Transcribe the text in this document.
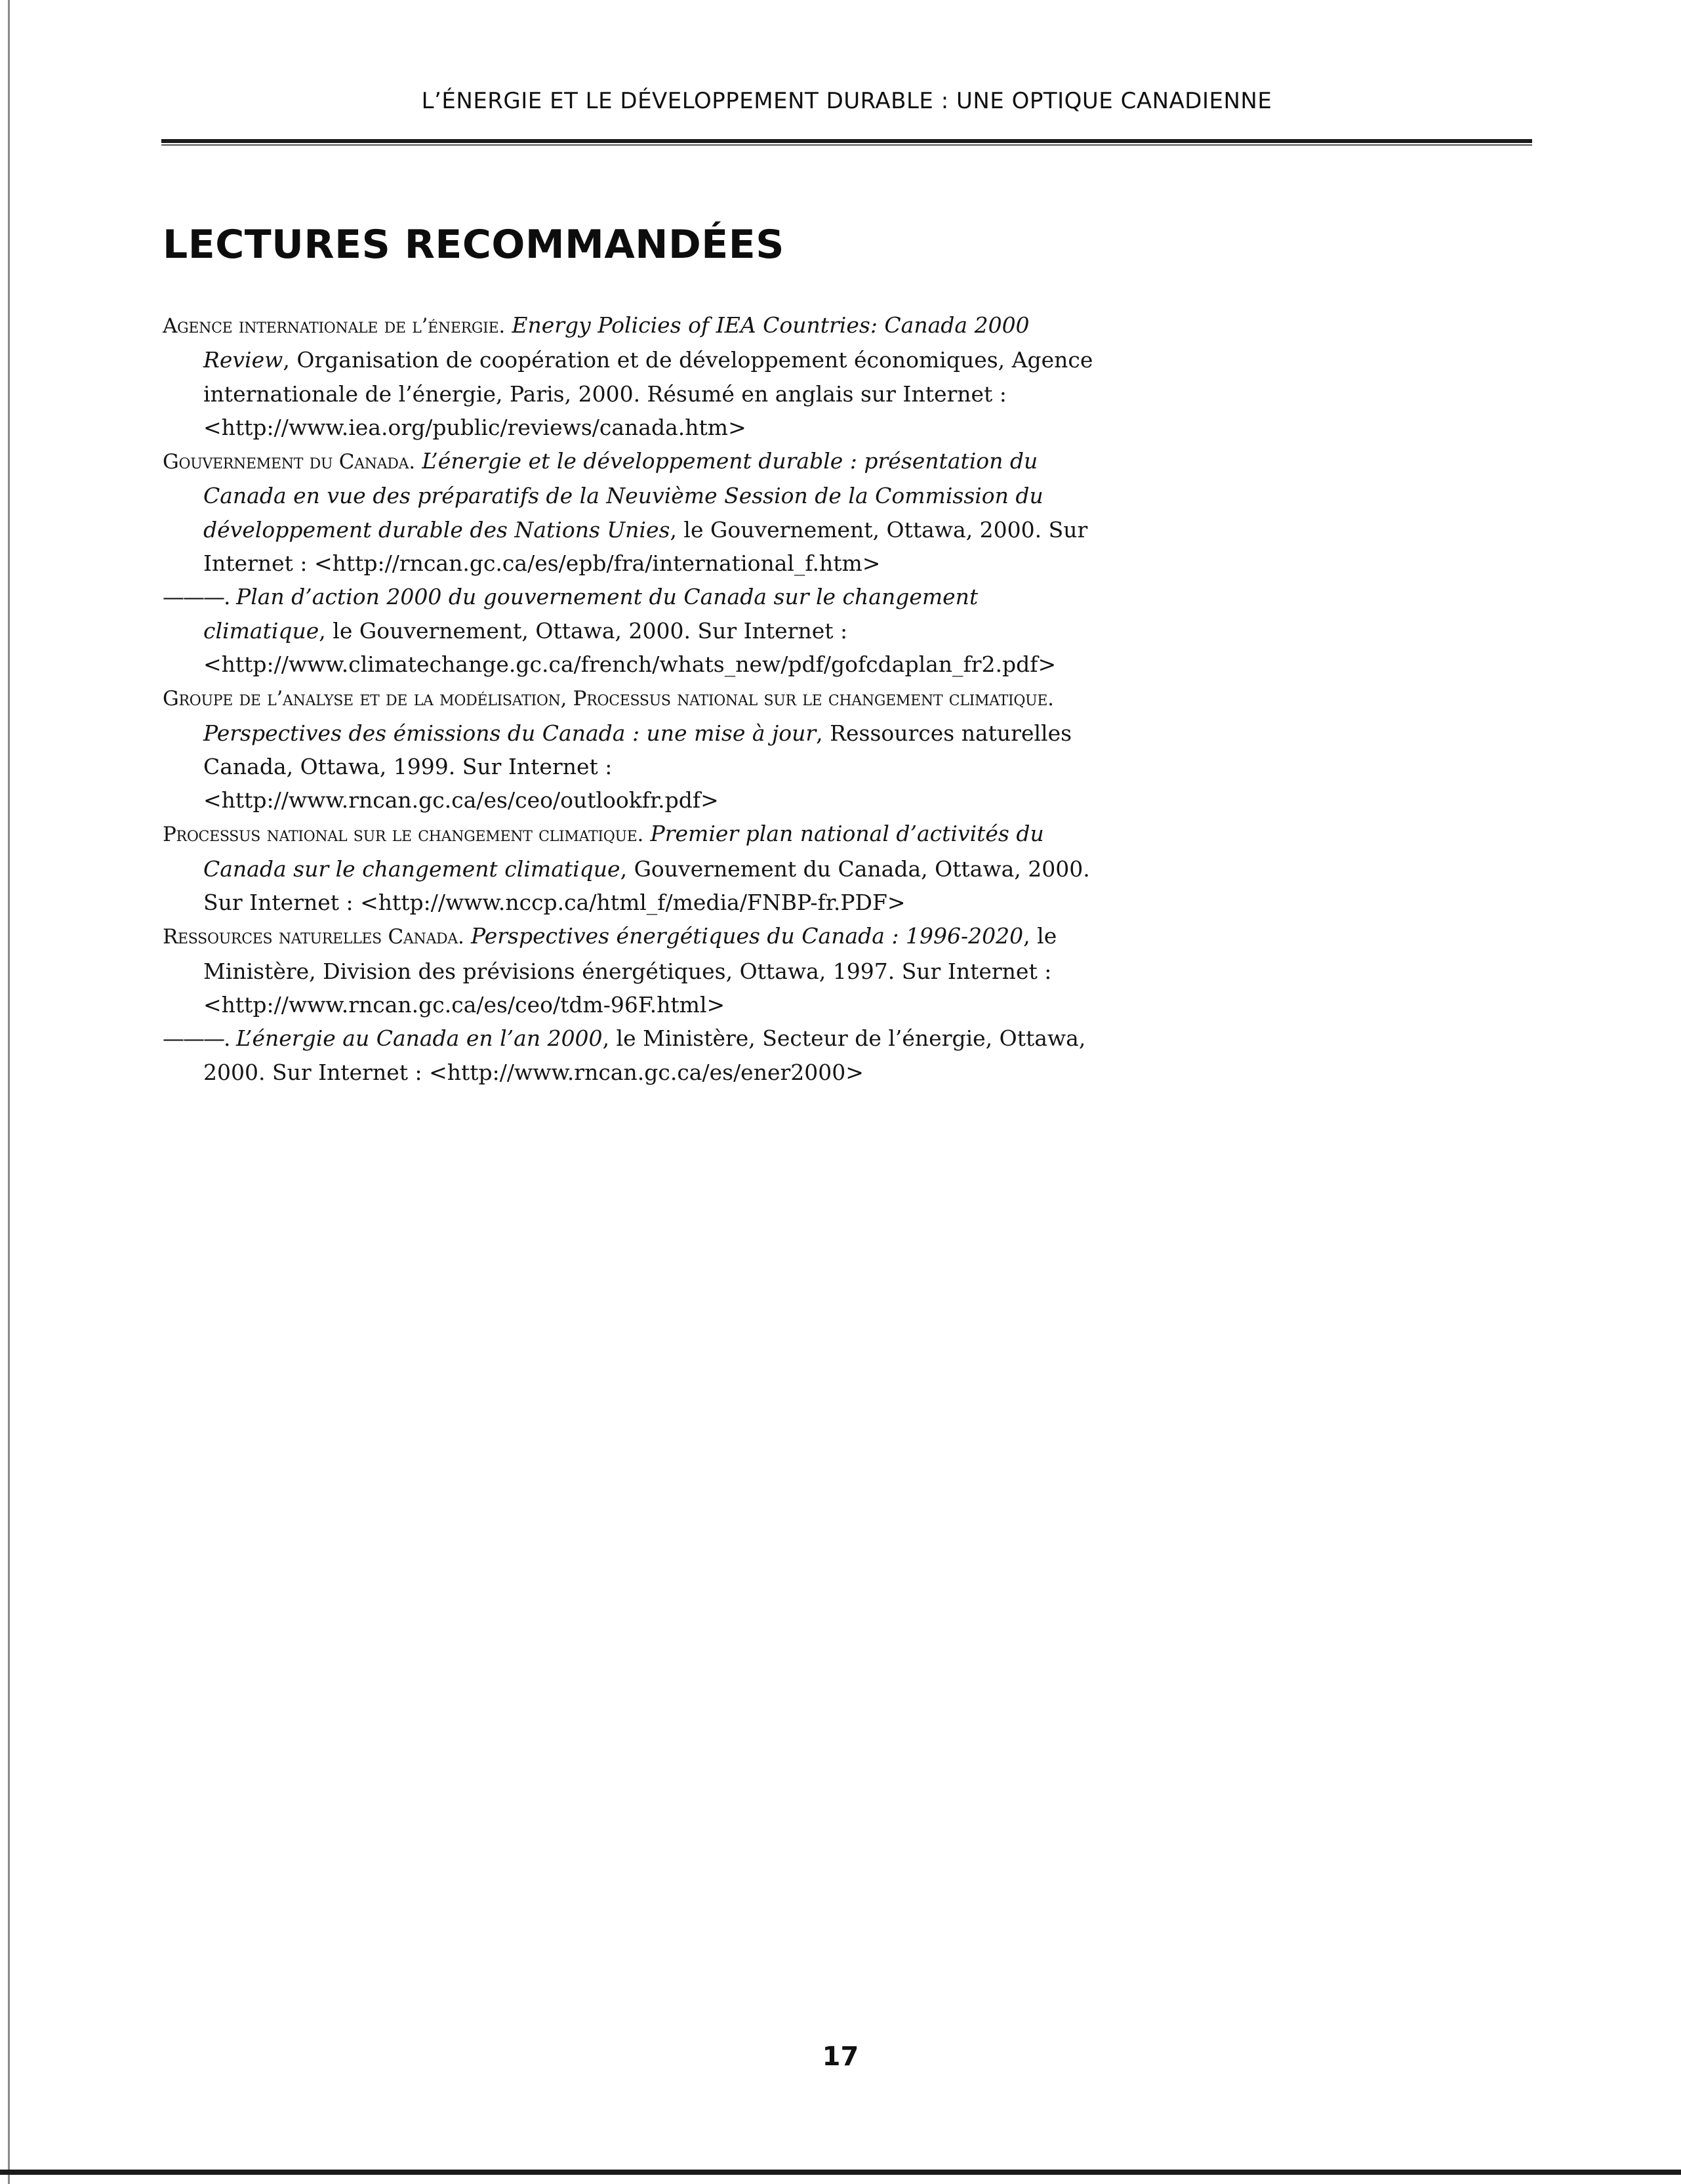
L’ÉNERGIE ET LE DÉVELOPPEMENT DURABLE : UNE OPTIQUE CANADIENNE
LECTURES RECOMMANDÉES

Agence internationale de l’énergie. Energy Policies of IEA Countries: Canada 2000 Review, Organisation de coopération et de développement économiques, Agence internationale de l’énergie, Paris, 2000. Résumé en anglais sur Internet : <http://www.iea.org/public/reviews/canada.htm>

Gouvernement du Canada. L’énergie et le développement durable : présentation du Canada en vue des préparatifs de la Neuvième Session de la Commission du développement durable des Nations Unies, le Gouvernement, Ottawa, 2000. Sur Internet : <http://rncan.gc.ca/es/epb/fra/international_f.htm>

———. Plan d’action 2000 du gouvernement du Canada sur le changement climatique, le Gouvernement, Ottawa, 2000. Sur Internet : <http://www.climatechange.gc.ca/french/whats_new/pdf/gofcdaplan_fr2.pdf>

Groupe de l’analyse et de la modélisation, Processus national sur le changement climatique. Perspectives des émissions du Canada : une mise à jour, Ressources naturelles Canada, Ottawa, 1999. Sur Internet : <http://www.rncan.gc.ca/es/ceo/outlookfr.pdf>

Processus national sur le changement climatique. Premier plan national d’activités du Canada sur le changement climatique, Gouvernement du Canada, Ottawa, 2000. Sur Internet : <http://www.nccp.ca/html_f/media/FNBP-fr.PDF>

Ressources naturelles Canada. Perspectives énergétiques du Canada : 1996-2020, le Ministère, Division des prévisions énergétiques, Ottawa, 1997. Sur Internet : <http://www.rncan.gc.ca/es/ceo/tdm-96F.html>

———. L’énergie au Canada en l’an 2000, le Ministère, Secteur de l’énergie, Ottawa, 2000. Sur Internet : <http://www.rncan.gc.ca/es/ener2000>

17
